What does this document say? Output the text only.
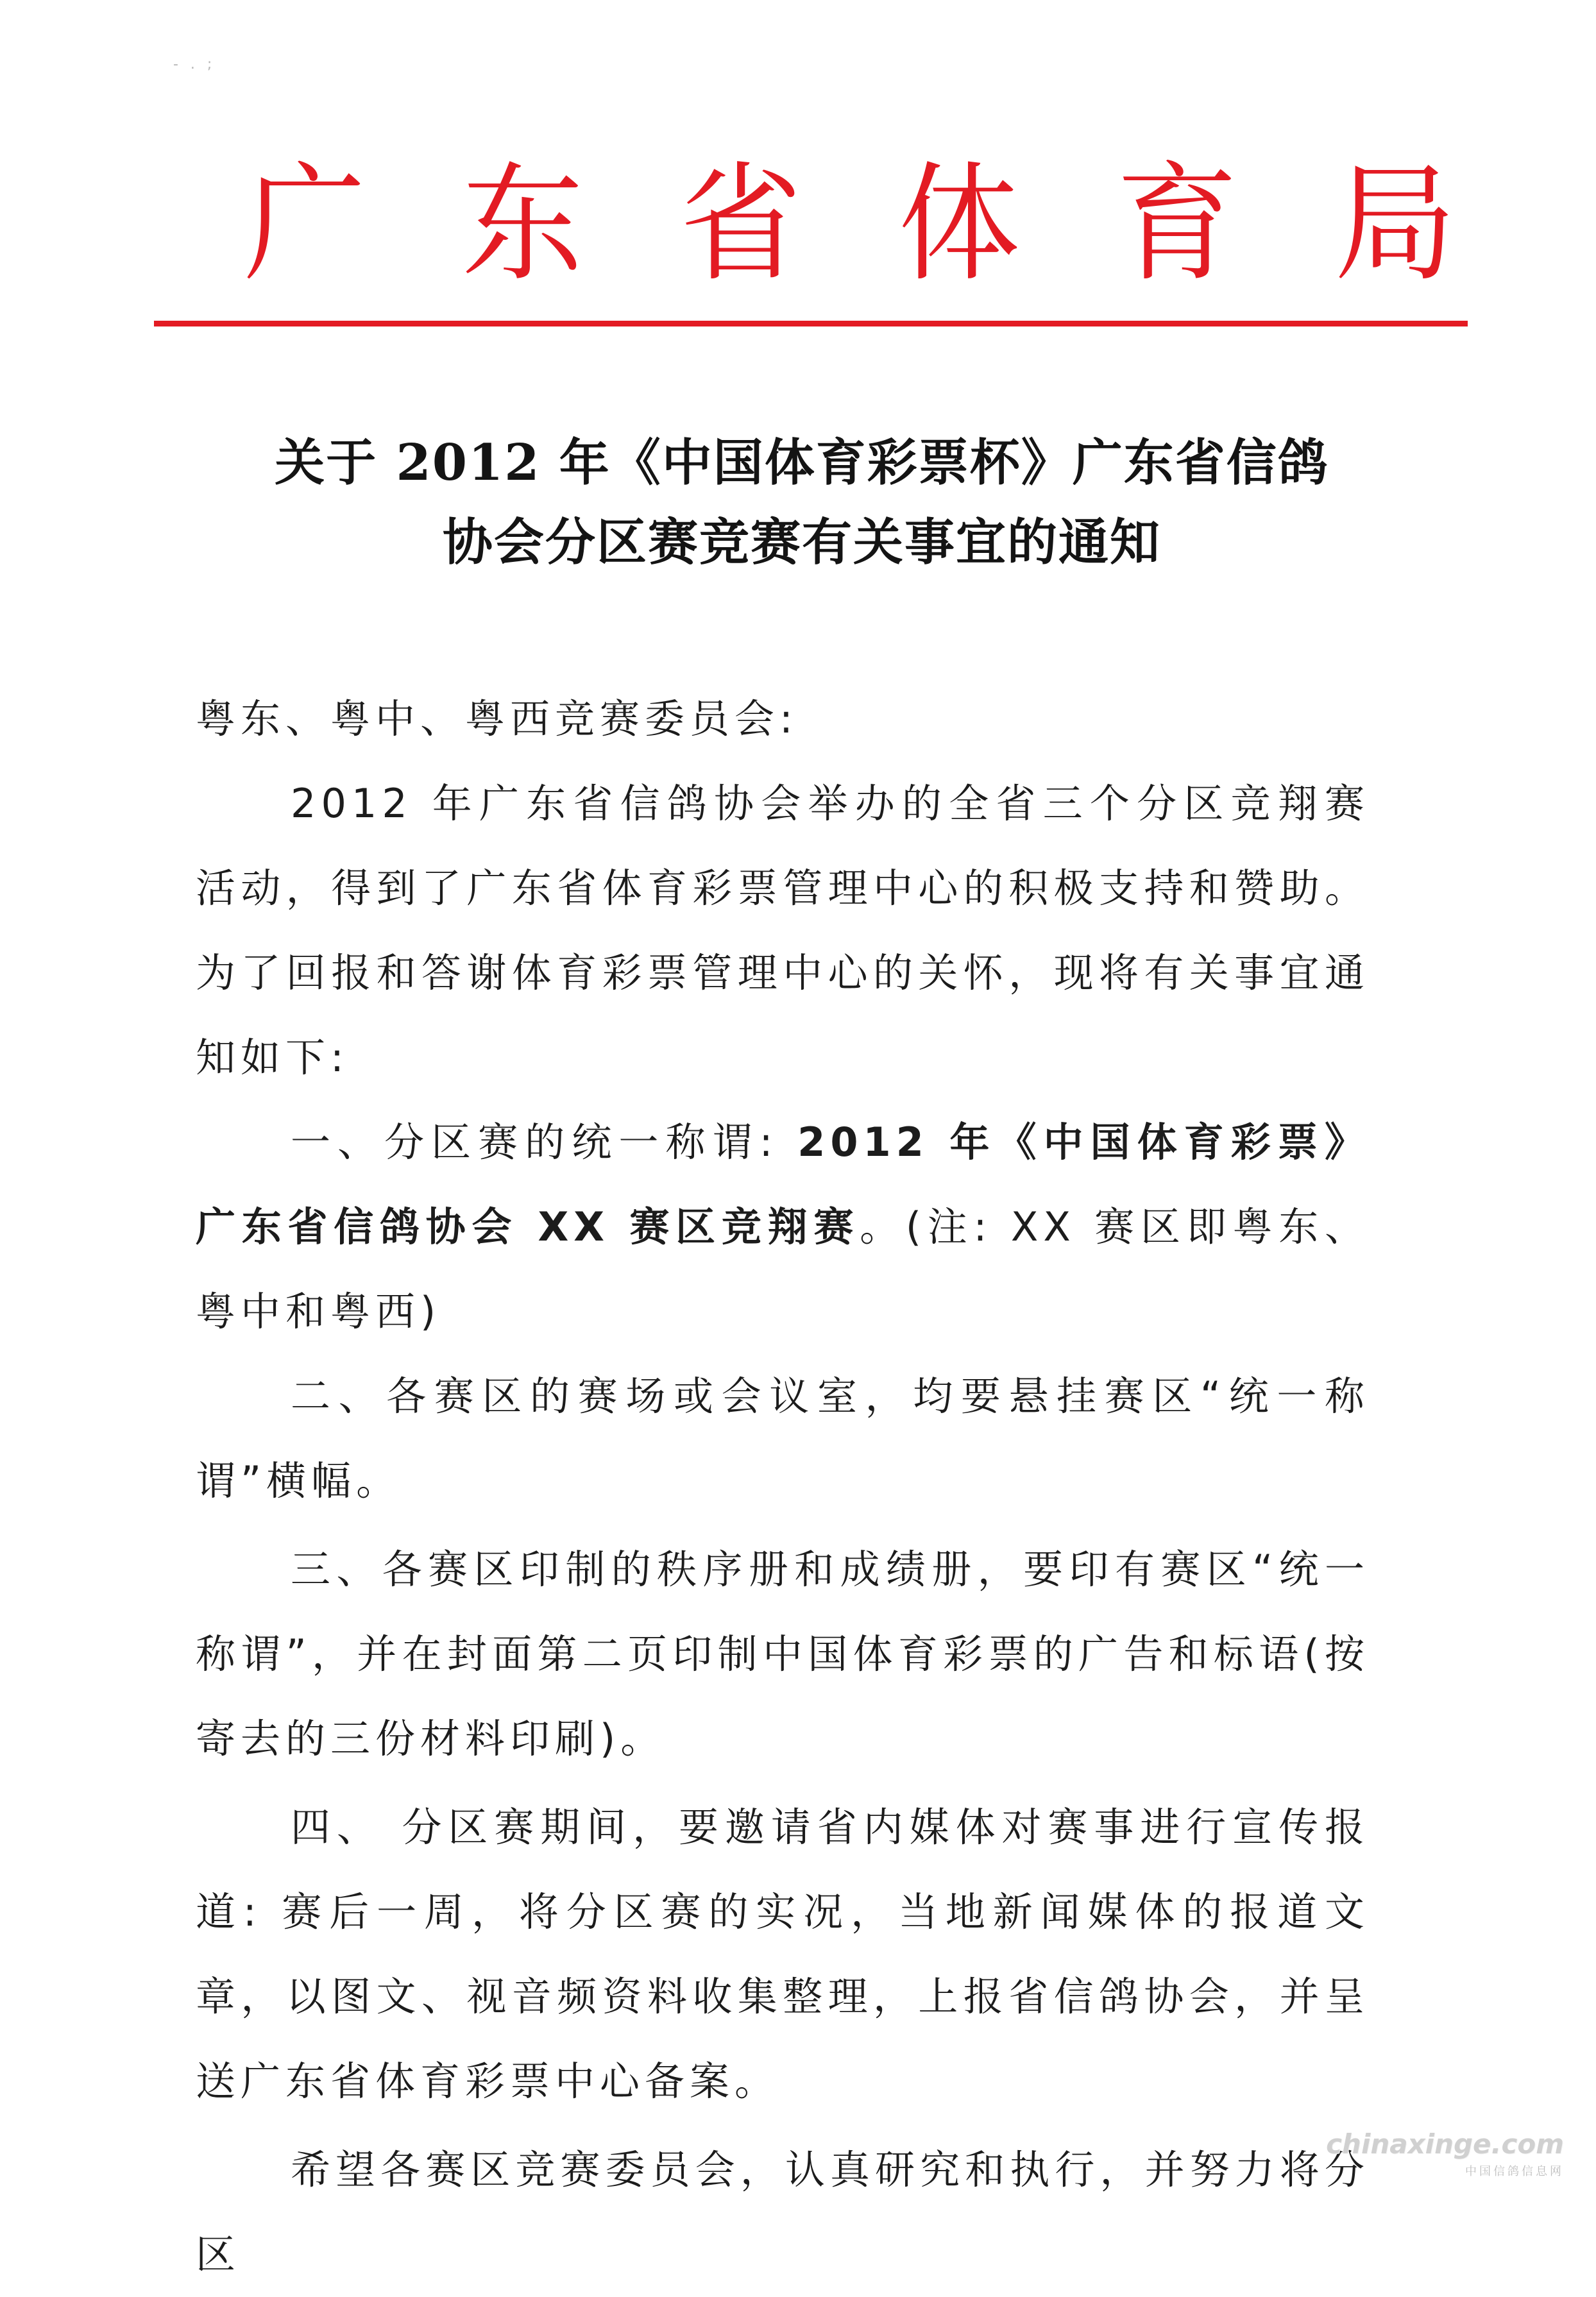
- . ;
广 东 省 体 育 局
关于 2012 年《中国体育彩票杯》广东省信鸽
协会分区赛竞赛有关事宜的通知

粤东、粤中、粤西竞赛委员会:

2012 年广东省信鸽协会举办的全省三个分区竞翔赛活动，得到了广东省体育彩票管理中心的积极支持和赞助。为了回报和答谢体育彩票管理中心的关怀，现将有关事宜通知如下:

一、分区赛的统一称谓: 2012 年《中国体育彩票》广东省信鸽协会 XX 赛区竞翔赛。(注: XX 赛区即粤东、粤中和粤西)

二、各赛区的赛场或会议室，均要悬挂赛区“统一称谓”横幅。

三、各赛区印制的秩序册和成绩册，要印有赛区“统一称谓”，并在封面第二页印制中国体育彩票的广告和标语(按寄去的三份材料印刷)。

四、 分区赛期间，要邀请省内媒体对赛事进行宣传报道: 赛后一周，将分区赛的实况，当地新闻媒体的报道文章，以图文、视音频资料收集整理，上报省信鸽协会，并呈送广东省体育彩票中心备案。

希望各赛区竞赛委员会，认真研究和执行，并努力将分区

chinaxinge.com
中国信鸽信息网
